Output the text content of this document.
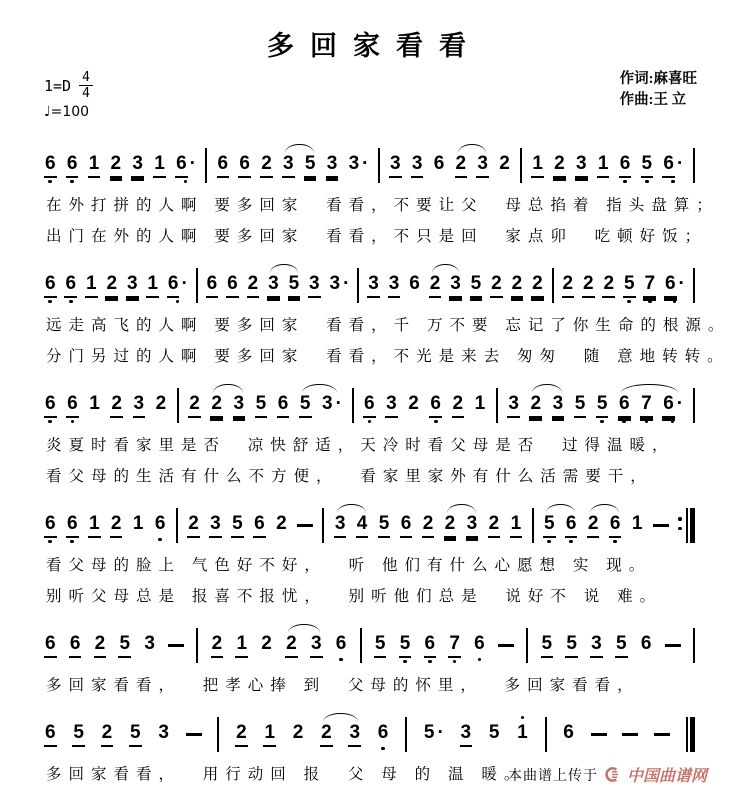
多回家看看
$1=D \frac{4}{4}$
♩=100
作词:麻喜旺
作曲:王 立
6 6 1 2 3 1 6 · 6 6 2 3 5 3 3 · 3 3 6 2 3 2 1 2 3 1 6 5 6 ·
在外打拼的人啊 要多回家  看看，不要让父  母总掐着 指头盘算；
出门在外的人啊 要多回家  看看，不只是回  家点卯  吃顿好饭；
6 6 1 2 3 1 6 · 6 6 2 3 5 3 3 · 3 3 6 2 3 5 2 2 2 2 2 2 5 7 6 ·
远走高飞的人啊 要多回家  看看，千 万不要 忘记了你生命的根源。
分门另过的人啊 要多回家  看看，不光是来去 匆匆  随 意地转转。
6 6 1 2 3 2 2 2 3 5 6 5 3 · 6 3 2 6 2 1 3 2 3 5 5 6 7 6 ·
炎夏时看家里是否  凉快舒适，天冷时看父母是否  过得温暖，
看父母的生活有什么不方便，  看家里家外有什么活需要干，
6 6 1 2 1 6 2 3 5 6 2	3 4 5 6 2 2 3 2 1 5 6 2 6 1
看父母的脸上 气色好不好，  听 他们有什么心愿想 实 现。
别听父母总是 报喜不报忧，  别听他们总是  说好不 说 难。
6 6 2 5 3	2 1 2 2 3 6 5 5 6 7 6	5 5 3 5 6
多回家看看，  把孝心捧 到  父母的怀里，  多回家看看，
6 5 2 5 3	2 1 2 2 3 6 5 · 3 5 1 6
多回家看看，  用行动回 报  父 母 的 温 暖。
本曲谱上传于 中国曲谱网
